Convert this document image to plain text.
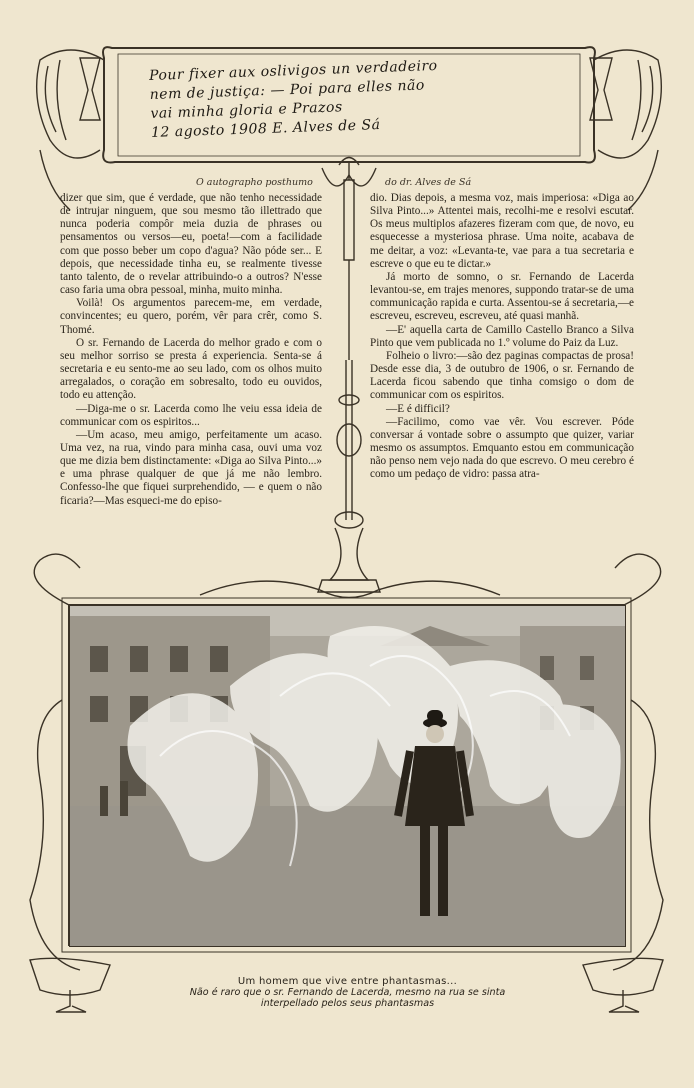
Pour fixer aux oslivigos un verdadeiro
nem de justiça: — Poi para elles não
vai minha gloria e Prazos
12 agosto 1908 E. Alves de Sá
O autographo posthumo	do dr. Alves de Sá

dizer que sim, que é verdade, que não tenho necessidade de intrujar ninguem, que sou mesmo tão illettrado que nunca poderia compôr meia duzia de phrases ou pensamentos ou versos—eu, poeta!—com a facilidade com que posso beber um copo d'agua? Não póde ser... E depois, que necessidade tinha eu, se realmente tivesse tanto talento, de o revelar attribuindo-o a outros? N'esse caso faria uma obra pessoal, minha, muito minha.

Voilà! Os argumentos parecem-me, em verdade, convincentes; eu quero, porém, vêr para crêr, como S. Thomé.

O sr. Fernando de Lacerda do melhor grado e com o seu melhor sorriso se presta á experiencia. Senta-se á secretaria e eu sento-me ao seu lado, com os olhos muito arregalados, o coração em sobresalto, todo eu ouvidos, todo eu attenção.

—Diga-me o sr. Lacerda como lhe veiu essa ideia de communicar com os espiritos...

—Um acaso, meu amigo, perfeitamente um acaso. Uma vez, na rua, vindo para minha casa, ouvi uma voz que me dizia bem distinctamente: «Diga ao Silva Pinto...» e uma phrase qualquer de que já me não lembro. Confesso-lhe que fiquei surprehendido, — e quem o não ficaria?—Mas esqueci-me do episo-

dio. Dias depois, a mesma voz, mais imperiosa: «Diga ao Silva Pinto...» Attentei mais, recolhi-me e resolvi escutar. Os meus multiplos afazeres fizeram com que, de novo, eu esquecesse a mysteriosa phrase. Uma noite, acabava de me deitar, a voz: «Levanta-te, vae para a tua secretaria e escreve o que eu te dictar.»

Já morto de somno, o sr. Fernando de Lacerda levantou-se, em trajes menores, suppondo tratar-se de uma communicação rapida e curta. Assentou-se á secretaria,—e escreveu, escreveu, escreveu, até quasi manhã.

—E' aquella carta de Camillo Castello Branco a Silva Pinto que vem publicada no 1.º volume do Paiz da Luz.

Folheio o livro:—são dez paginas compactas de prosa! Desde esse dia, 3 de outubro de 1906, o sr. Fernando de Lacerda ficou sabendo que tinha comsigo o dom de communicar com os espiritos.

—E é difficil?

—Facilimo, como vae vêr. Vou escrever. Póde conversar á vontade sobre o assumpto que quizer, variar mesmo os assumptos. Emquanto estou em communicação não penso nem vejo nada do que escrevo. O meu cerebro é como um pedaço de vidro: passa atra-

Um homem que vive entre phantasmas...
Não é raro que o sr. Fernando de Lacerda, mesmo na rua se sinta
interpellado pelos seus phantasmas
